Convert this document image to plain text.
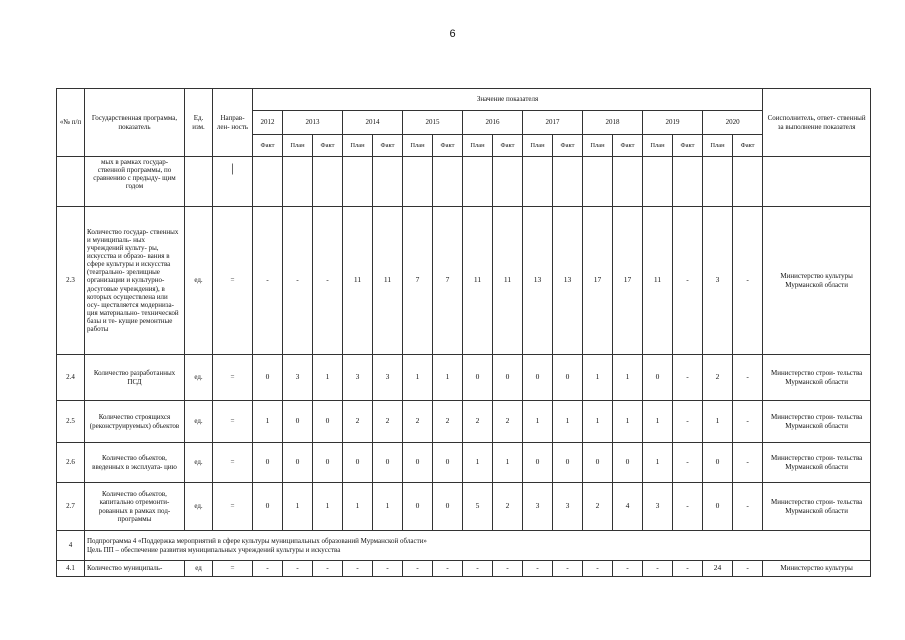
6
«№ п/п	Государственная программа, показатель	Ед. изм.	Направ- лен- ность	Значение показателя																	Соисполнитель, ответ- ственный за выполнение показателя
				2012	2013		2014		2015		2016		2017		2018		2019		2020		
				Факт	План	Факт	План	Факт	План	Факт	План	Факт	План	Факт	План	Факт	План	Факт	План	Факт	
	мых в рамках государ- ственной программы, по сравнению с предыду- щим годом		|																		
2.3	Количество государ- ственных и муниципаль- ных учреждений культу- ры, искусства и образо- вания в сфере культуры и искусства (театрально- зрелищные организации и культурно-досуговые учреждения), в которых осуществлена или осу- ществляется модерниза- ция материально- технической базы и те- кущие ремонтные работы	ед.	=	-	-	-	11	11	7	7	11	11	13	13	17	17	11	-	3	-	Министерство культуры Мурманской области
2.4	Количество разработанных ПСД	ед.	=	0	3	1	3	3	1	1	0	0	0	0	1	1	0	-	2	-	Министерство строи- тельства Мурманской области
2.5	Количество строящихся (реконструируемых) объектов	ед.	=	1	0	0	2	2	2	2	2	2	1	1	1	1	1	-	1	-	Министерство строи- тельства Мурманской области
2.6	Количество объектов, введенных в эксплуата- цию	ед.	=	0	0	0	0	0	0	0	1	1	0	0	0	0	1	-	0	-	Министерство строи- тельства Мурманской области
2.7	Количество объектов, капитально отремонти- рованных в рамках под- программы	ед.	=	0	1	1	1	1	0	0	5	2	3	3	2	4	3	-	0	-	Министерство строи- тельства Мурманской области
4	Подпрограмма 4 «Поддержка мероприятий в сфере культуры муниципальных образований Мурманской области»
Цель ПП – обеспечение развития муниципальных учреждений культуры и искусства																				

4.1	Количество муниципаль-	ед	=	-	-	-	-	-	-	-	-	-	-	-	-	-	-	-	24	-	Министерство культуры
